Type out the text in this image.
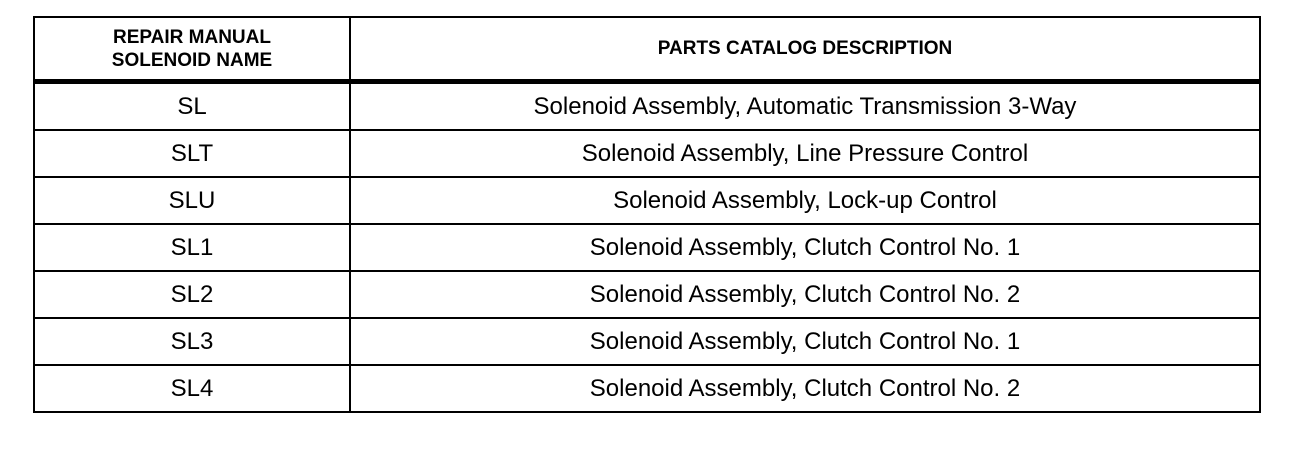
REPAIR MANUAL
SOLENOID NAME	PARTS CATALOG DESCRIPTION
SL	Solenoid Assembly, Automatic Transmission 3-Way
SLT	Solenoid Assembly, Line Pressure Control
SLU	Solenoid Assembly, Lock-up Control
SL1	Solenoid Assembly, Clutch Control No. 1
SL2	Solenoid Assembly, Clutch Control No. 2
SL3	Solenoid Assembly, Clutch Control No. 1
SL4	Solenoid Assembly, Clutch Control No. 2
